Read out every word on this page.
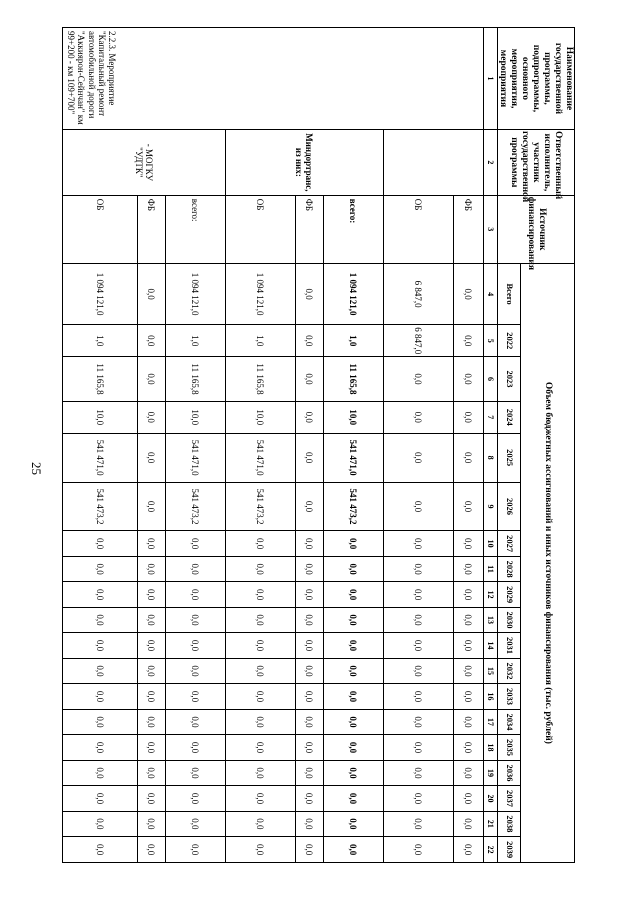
25
Наименование государственной программы, подпрограммы, основного мероприятия, мероприятия	Ответственный исполнитель, участник государственной программы	Источник финансирования	Объем бюджетных ассигнований и иных источников финансирования (тыс. рублей)																		
			Всего	2022	2023	2024	2025	2026	2027	2028	2029	2030	2031	2032	2033	2034	2035	2036	2037	2038	2039
1	2	3	4	5	6	7	8	9	10	11	12	13	14	15	16	17	18	19	20	21	22
2.2.3. Мероприятие "Капитальный ремонт автомобильной дороги "Аккиярон-Сейнчан" км 99+200 - км 109+700"		ФБ	0,0	0,0	0,0	0,0	0,0	0,0	0,0	0,0	0,0	0,0	0,0	0,0	0,0	0,0	0,0	0,0	0,0	0,0	0,0
		ОБ	6 847,0	6 847,0	0,0	0,0	0,0	0,0	0,0	0,0	0,0	0,0	0,0	0,0	0,0	0,0	0,0	0,0	0,0	0,0	0,0
	Миндортранс, из них:	всего:	1 094 121,0	1,0	11 165,8	10,0	541 471,0	541 473,2	0,0	0,0	0,0	0,0	0,0	0,0	0,0	0,0	0,0	0,0	0,0	0,0	0,0
		ФБ	0,0	0,0	0,0	0,0	0,0	0,0	0,0	0,0	0,0	0,0	0,0	0,0	0,0	0,0	0,0	0,0	0,0	0,0	0,0
		ОБ	1 094 121,0	1,0	11 165,8	10,0	541 471,0	541 473,2	0,0	0,0	0,0	0,0	0,0	0,0	0,0	0,0	0,0	0,0	0,0	0,0	0,0
	- МОГКУ "УДТК"	всего:	1 094 121,0	1,0	11 165,8	10,0	541 471,0	541 473,2	0,0	0,0	0,0	0,0	0,0	0,0	0,0	0,0	0,0	0,0	0,0	0,0	0,0
		ФБ	0,0	0,0	0,0	0,0	0,0	0,0	0,0	0,0	0,0	0,0	0,0	0,0	0,0	0,0	0,0	0,0	0,0	0,0	0,0
		ОБ	1 094 121,0	1,0	11 165,8	10,0	541 471,0	541 473,2	0,0	0,0	0,0	0,0	0,0	0,0	0,0	0,0	0,0	0,0	0,0	0,0	0,0
